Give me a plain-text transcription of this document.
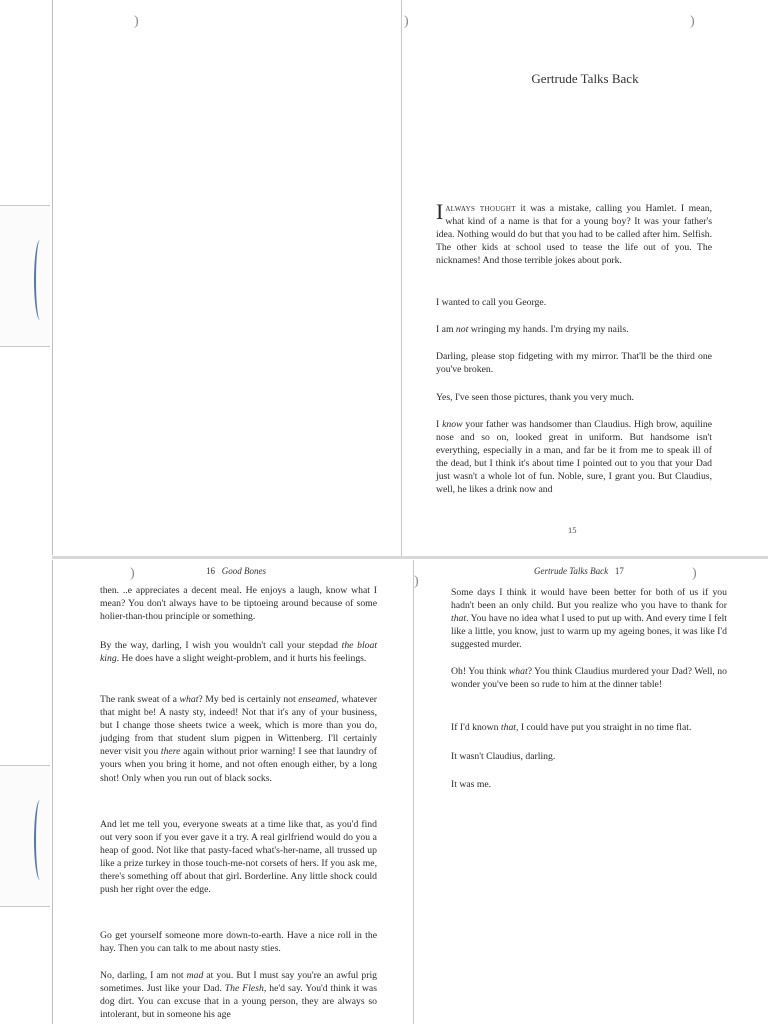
)	)	)
)
)
)
Gertrude Talks Back

Ialways thought it was a mistake, calling you Hamlet. I mean, what kind of a name is that for a young boy? It was your father's idea. Nothing would do but that you had to be called after him. Selfish. The other kids at school used to tease the life out of you. The nicknames! And those terrible jokes about pork.

I wanted to call you George.

I am not wringing my hands. I'm drying my nails.

Darling, please stop fidgeting with my mirror. That'll be the third one you've broken.

Yes, I've seen those pictures, thank you very much.

I know your father was handsomer than Claudius. High brow, aquiline nose and so on, looked great in uniform. But handsome isn't everything, especially in a man, and far be it from me to speak ill of the dead, but I think it's about time I pointed out to you that your Dad just wasn't a whole lot of fun. Noble, sure, I grant you. But Claudius, well, he likes a drink now and

15
16 Good Bones

then. ..e appreciates a decent meal. He enjoys a laugh, know what I mean? You don't always have to be tiptoeing around because of some holier-than-thou principle or something.

By the way, darling, I wish you wouldn't call your stepdad the bloat king. He does have a slight weight-problem, and it hurts his feelings.

The rank sweat of a what? My bed is certainly not enseamed, whatever that might be! A nasty sty, indeed! Not that it's any of your business, but I change those sheets twice a week, which is more than you do, judging from that student slum pigpen in Wittenberg. I'll certainly never visit you there again without prior warning! I see that laundry of yours when you bring it home, and not often enough either, by a long shot! Only when you run out of black socks.

And let me tell you, everyone sweats at a time like that, as you'd find out very soon if you ever gave it a try. A real girlfriend would do you a heap of good. Not like that pasty-faced what's-her-name, all trussed up like a prize turkey in those touch-me-not corsets of hers. If you ask me, there's something off about that girl. Borderline. Any little shock could push her right over the edge.

Go get yourself someone more down-to-earth. Have a nice roll in the hay. Then you can talk to me about nasty sties.

No, darling, I am not mad at you. But I must say you're an awful prig sometimes. Just like your Dad. The Flesh, he'd say. You'd think it was dog dirt. You can excuse that in a young person, they are always so intolerant, but in someone his age

Gertrude Talks Back 17

Some days I think it would have been better for both of us if you hadn't been an only child. But you realize who you have to thank for that. You have no idea what I used to put up with. And every time I felt like a little, you know, just to warm up my ageing bones, it was like I'd suggested murder.

Oh! You think what? You think Claudius murdered your Dad? Well, no wonder you've been so rude to him at the dinner table!

If I'd known that, I could have put you straight in no time flat.

It wasn't Claudius, darling.

It was me.
